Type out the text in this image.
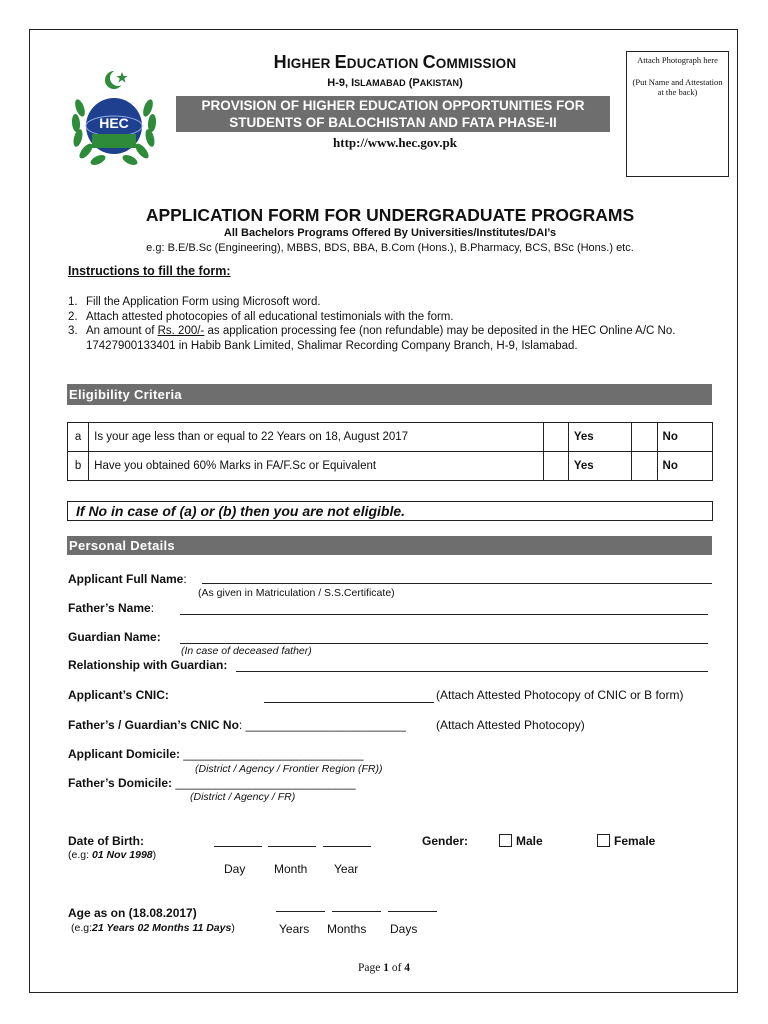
HEC
HIGHER EDUCATION COMMISSION
H-9, ISLAMABAD (PAKISTAN)
PROVISION OF HIGHER EDUCATION OPPORTUNITIES FOR
STUDENTS OF BALOCHISTAN AND FATA PHASE-II
http://www.hec.gov.pk

Attach Photograph here

(Put Name and Attestation at the back)

APPLICATION FORM FOR UNDERGRADUATE PROGRAMS
All Bachelors Programs Offered By Universities/Institutes/DAI’s
e.g: B.E/B.Sc (Engineering), MBBS, BDS, BBA, B.Com (Hons.), B.Pharmacy, BCS, BSc (Hons.) etc.
Instructions to fill the form:
1. Fill the Application Form using Microsoft word.
2. Attach attested photocopies of all educational testimonials with the form.
3. An amount of Rs. 200/- as application processing fee (non refundable) may be deposited in the HEC Online A/C No. 17427900133401 in Habib Bank Limited, Shalimar Recording Company Branch, H-9, Islamabad.
Eligibility Criteria
a	Is your age less than or equal to 22 Years on 18, August 2017		Yes		No
b	Have you obtained 60% Marks in FA/F.Sc or Equivalent		Yes		No
If No in case of (a) or (b) then you are not eligible.
Personal Details
Applicant Full Name:
(As given in Matriculation / S.S.Certificate)
Father’s Name:
Guardian Name:
(In case of deceased father)
Relationship with Guardian:
Applicant’s CNIC:	(Attach Attested Photocopy of CNIC or B form)
Father’s / Guardian’s CNIC No: ________________________	(Attach Attested Photocopy)
Applicant Domicile: ___________________________
(District / Agency / Frontier Region (FR))
Father’s Domicile: ___________________________
(District / Agency / FR)
Date of Birth:
(e.g: 01 Nov 1998)
Day Month Year
Gender:	Male	Female
Age as on (18.08.2017)
(e.g:21 Years 02 Months 11 Days)	Years Months Days
Page 1 of 4
